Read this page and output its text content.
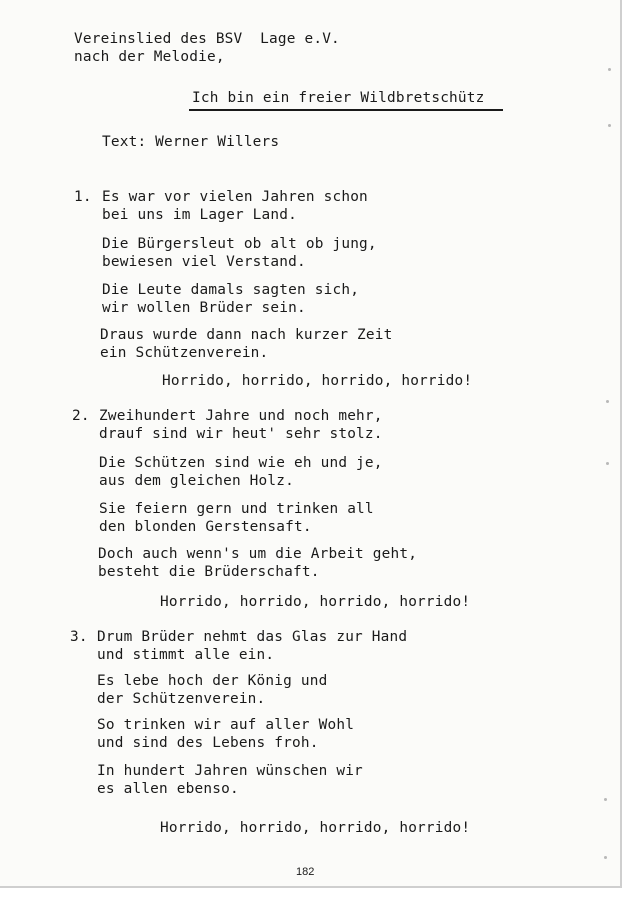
Vereinslied des BSV  Lage e.V.
nach der Melodie,
Ich bin ein freier Wildbretschütz
Text: Werner Willers
1. Es war vor vielen Jahren schon
bei uns im Lager Land.
Die Bürgersleut ob alt ob jung,
bewiesen viel Verstand.
Die Leute damals sagten sich,
wir wollen Brüder sein.
Draus wurde dann nach kurzer Zeit
ein Schützenverein.
Horrido, horrido, horrido, horrido!
2. Zweihundert Jahre und noch mehr,
drauf sind wir heut' sehr stolz.
Die Schützen sind wie eh und je,
aus dem gleichen Holz.
Sie feiern gern und trinken all
den blonden Gerstensaft.
Doch auch wenn's um die Arbeit geht,
besteht die Brüderschaft.
Horrido, horrido, horrido, horrido!
3. Drum Brüder nehmt das Glas zur Hand
und stimmt alle ein.
Es lebe hoch der König und
der Schützenverein.
So trinken wir auf aller Wohl
und sind des Lebens froh.
In hundert Jahren wünschen wir
es allen ebenso.
Horrido, horrido, horrido, horrido!
182
